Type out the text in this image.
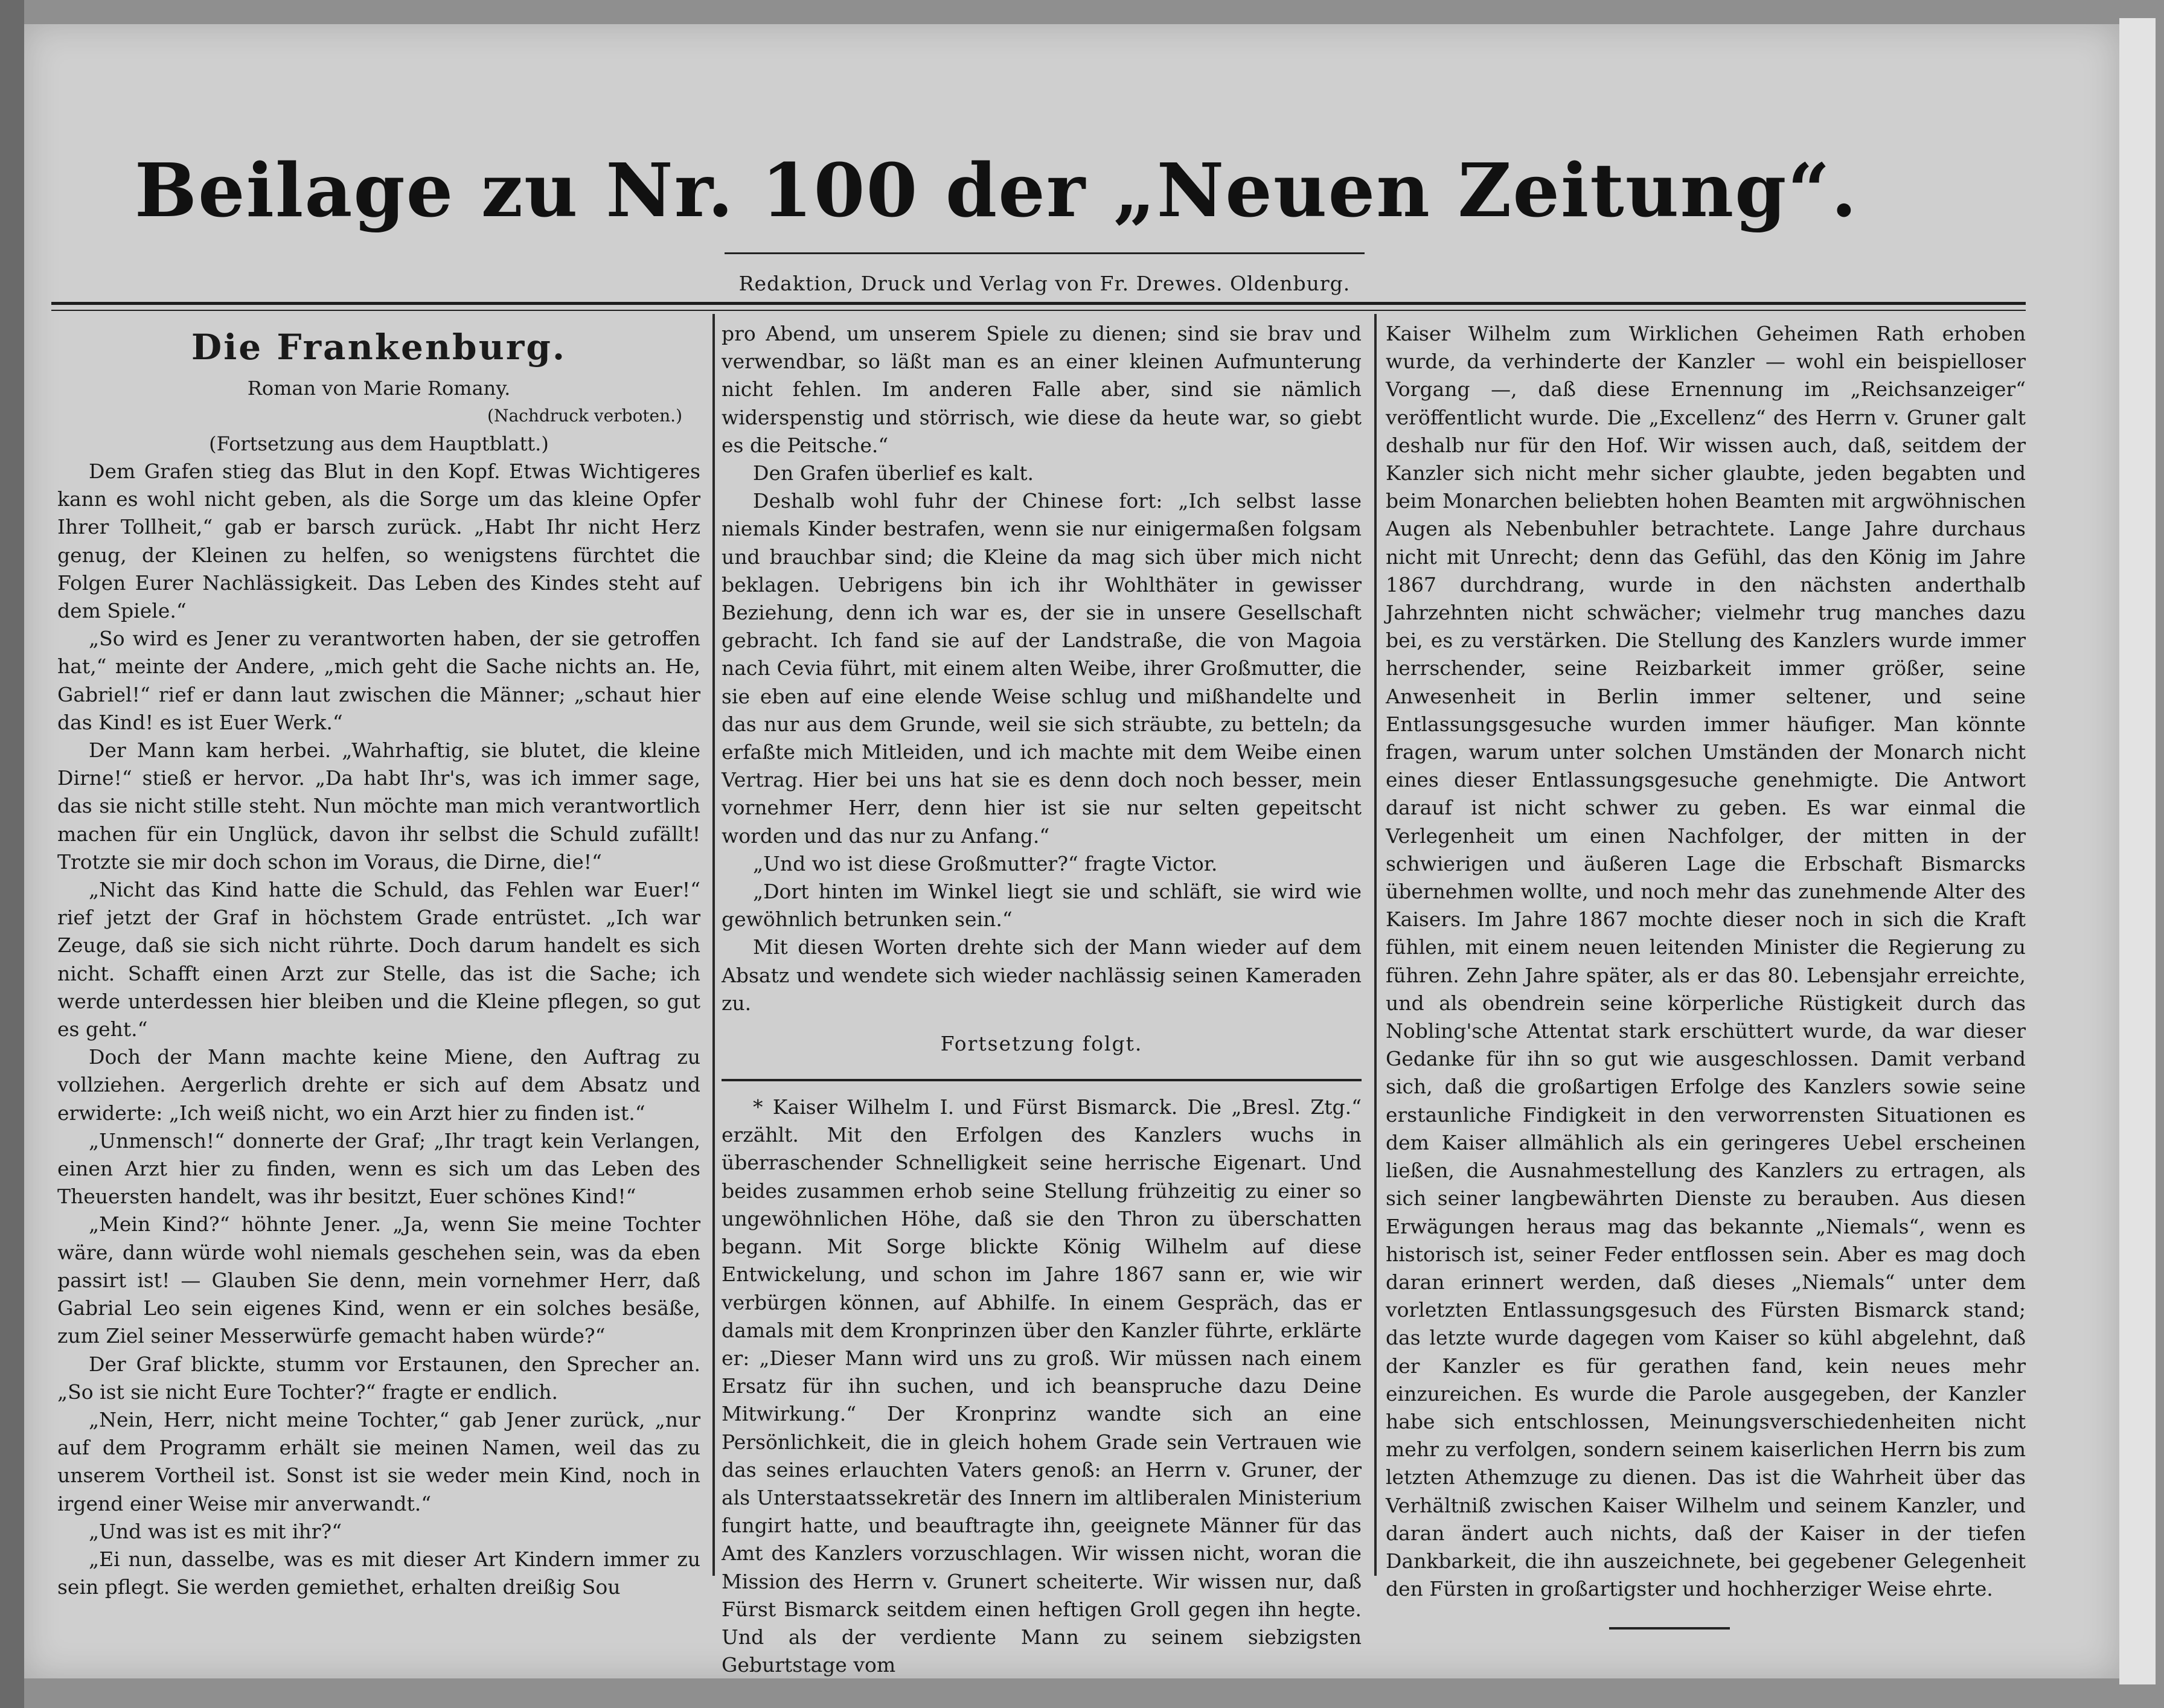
Beilage zu Nr. 100 der „Neuen Zeitung“.
Redaktion, Druck und Verlag von Fr. Drewes. Oldenburg.
Die Frankenburg.

Roman von Marie Romany.

(Nachdruck verboten.)

(Fortsetzung aus dem Hauptblatt.)

Dem Grafen stieg das Blut in den Kopf. Etwas Wichtigeres kann es wohl nicht geben, als die Sorge um das kleine Opfer Ihrer Tollheit,“ gab er barsch zurück. „Habt Ihr nicht Herz genug, der Kleinen zu helfen, so wenigstens fürchtet die Folgen Eurer Nachlässigkeit. Das Leben des Kindes steht auf dem Spiele.“

„So wird es Jener zu verantworten haben, der sie getroffen hat,“ meinte der Andere, „mich geht die Sache nichts an. He, Gabriel!“ rief er dann laut zwischen die Männer; „schaut hier das Kind! es ist Euer Werk.“

Der Mann kam herbei. „Wahrhaftig, sie blutet, die kleine Dirne!“ stieß er hervor. „Da habt Ihr's, was ich immer sage, das sie nicht stille steht. Nun möchte man mich verantwortlich machen für ein Unglück, davon ihr selbst die Schuld zufällt! Trotzte sie mir doch schon im Voraus, die Dirne, die!“

„Nicht das Kind hatte die Schuld, das Fehlen war Euer!“ rief jetzt der Graf in höchstem Grade entrüstet. „Ich war Zeuge, daß sie sich nicht rührte. Doch darum handelt es sich nicht. Schafft einen Arzt zur Stelle, das ist die Sache; ich werde unterdessen hier bleiben und die Kleine pflegen, so gut es geht.“

Doch der Mann machte keine Miene, den Auftrag zu vollziehen. Aergerlich drehte er sich auf dem Absatz und erwiderte: „Ich weiß nicht, wo ein Arzt hier zu finden ist.“

„Unmensch!“ donnerte der Graf; „Ihr tragt kein Verlangen, einen Arzt hier zu finden, wenn es sich um das Leben des Theuersten handelt, was ihr besitzt, Euer schönes Kind!“

„Mein Kind?“ höhnte Jener. „Ja, wenn Sie meine Tochter wäre, dann würde wohl niemals geschehen sein, was da eben passirt ist! — Glauben Sie denn, mein vornehmer Herr, daß Gabrial Leo sein eigenes Kind, wenn er ein solches besäße, zum Ziel seiner Messerwürfe gemacht haben würde?“

Der Graf blickte, stumm vor Erstaunen, den Sprecher an. „So ist sie nicht Eure Tochter?“ fragte er endlich.

„Nein, Herr, nicht meine Tochter,“ gab Jener zurück, „nur auf dem Programm erhält sie meinen Namen, weil das zu unserem Vortheil ist. Sonst ist sie weder mein Kind, noch in irgend einer Weise mir anverwandt.“

„Und was ist es mit ihr?“

„Ei nun, dasselbe, was es mit dieser Art Kindern immer zu sein pflegt. Sie werden gemiethet, erhalten dreißig Sou

pro Abend, um unserem Spiele zu dienen; sind sie brav und verwendbar, so läßt man es an einer kleinen Aufmunterung nicht fehlen. Im anderen Falle aber, sind sie nämlich widerspenstig und störrisch, wie diese da heute war, so giebt es die Peitsche.“

Den Grafen überlief es kalt.

Deshalb wohl fuhr der Chinese fort: „Ich selbst lasse niemals Kinder bestrafen, wenn sie nur einigermaßen folgsam und brauchbar sind; die Kleine da mag sich über mich nicht beklagen. Uebrigens bin ich ihr Wohlthäter in gewisser Beziehung, denn ich war es, der sie in unsere Gesellschaft gebracht. Ich fand sie auf der Landstraße, die von Magoia nach Cevia führt, mit einem alten Weibe, ihrer Großmutter, die sie eben auf eine elende Weise schlug und mißhandelte und das nur aus dem Grunde, weil sie sich sträubte, zu betteln; da erfaßte mich Mitleiden, und ich machte mit dem Weibe einen Vertrag. Hier bei uns hat sie es denn doch noch besser, mein vornehmer Herr, denn hier ist sie nur selten gepeitscht worden und das nur zu Anfang.“

„Und wo ist diese Großmutter?“ fragte Victor.

„Dort hinten im Winkel liegt sie und schläft, sie wird wie gewöhnlich betrunken sein.“

Mit diesen Worten drehte sich der Mann wieder auf dem Absatz und wendete sich wieder nachlässig seinen Kameraden zu.

Fortsetzung folgt.

* Kaiser Wilhelm I. und Fürst Bismarck. Die „Bresl. Ztg.“ erzählt. Mit den Erfolgen des Kanzlers wuchs in überraschender Schnelligkeit seine herrische Eigenart. Und beides zusammen erhob seine Stellung frühzeitig zu einer so ungewöhnlichen Höhe, daß sie den Thron zu überschatten begann. Mit Sorge blickte König Wilhelm auf diese Entwickelung, und schon im Jahre 1867 sann er, wie wir verbürgen können, auf Abhilfe. In einem Gespräch, das er damals mit dem Kronprinzen über den Kanzler führte, erklärte er: „Dieser Mann wird uns zu groß. Wir müssen nach einem Ersatz für ihn suchen, und ich beanspruche dazu Deine Mitwirkung.“ Der Kronprinz wandte sich an eine Persönlichkeit, die in gleich hohem Grade sein Vertrauen wie das seines erlauchten Vaters genoß: an Herrn v. Gruner, der als Unterstaatssekretär des Innern im altliberalen Ministerium fungirt hatte, und beauftragte ihn, geeignete Männer für das Amt des Kanzlers vorzuschlagen. Wir wissen nicht, woran die Mission des Herrn v. Grunert scheiterte. Wir wissen nur, daß Fürst Bismarck seitdem einen heftigen Groll gegen ihn hegte. Und als der verdiente Mann zu seinem siebzigsten Geburtstage vom

Kaiser Wilhelm zum Wirklichen Geheimen Rath erhoben wurde, da verhinderte der Kanzler — wohl ein beispielloser Vorgang —, daß diese Ernennung im „Reichsanzeiger“ veröffentlicht wurde. Die „Excellenz“ des Herrn v. Gruner galt deshalb nur für den Hof. Wir wissen auch, daß, seitdem der Kanzler sich nicht mehr sicher glaubte, jeden begabten und beim Monarchen beliebten hohen Beamten mit argwöhnischen Augen als Nebenbuhler betrachtete. Lange Jahre durchaus nicht mit Unrecht; denn das Gefühl, das den König im Jahre 1867 durchdrang, wurde in den nächsten anderthalb Jahrzehnten nicht schwächer; vielmehr trug manches dazu bei, es zu verstärken. Die Stellung des Kanzlers wurde immer herrschender, seine Reizbarkeit immer größer, seine Anwesenheit in Berlin immer seltener, und seine Entlassungsgesuche wurden immer häufiger. Man könnte fragen, warum unter solchen Umständen der Monarch nicht eines dieser Entlassungsgesuche genehmigte. Die Antwort darauf ist nicht schwer zu geben. Es war einmal die Verlegenheit um einen Nachfolger, der mitten in der schwierigen und äußeren Lage die Erbschaft Bismarcks übernehmen wollte, und noch mehr das zunehmende Alter des Kaisers. Im Jahre 1867 mochte dieser noch in sich die Kraft fühlen, mit einem neuen leitenden Minister die Regierung zu führen. Zehn Jahre später, als er das 80. Lebensjahr erreichte, und als obendrein seine körperliche Rüstigkeit durch das Nobling'sche Attentat stark erschüttert wurde, da war dieser Gedanke für ihn so gut wie ausgeschlossen. Damit verband sich, daß die großartigen Erfolge des Kanzlers sowie seine erstaunliche Findigkeit in den verworrensten Situationen es dem Kaiser allmählich als ein geringeres Uebel erscheinen ließen, die Ausnahmestellung des Kanzlers zu ertragen, als sich seiner langbewährten Dienste zu berauben. Aus diesen Erwägungen heraus mag das bekannte „Niemals“, wenn es historisch ist, seiner Feder entflossen sein. Aber es mag doch daran erinnert werden, daß dieses „Niemals“ unter dem vorletzten Entlassungsgesuch des Fürsten Bismarck stand; das letzte wurde dagegen vom Kaiser so kühl abgelehnt, daß der Kanzler es für gerathen fand, kein neues mehr einzureichen. Es wurde die Parole ausgegeben, der Kanzler habe sich entschlossen, Meinungsverschiedenheiten nicht mehr zu verfolgen, sondern seinem kaiserlichen Herrn bis zum letzten Athemzuge zu dienen. Das ist die Wahrheit über das Verhältniß zwischen Kaiser Wilhelm und seinem Kanzler, und daran ändert auch nichts, daß der Kaiser in der tiefen Dankbarkeit, die ihn auszeichnete, bei gegebener Gelegenheit den Fürsten in großartigster und hochherziger Weise ehrte.
